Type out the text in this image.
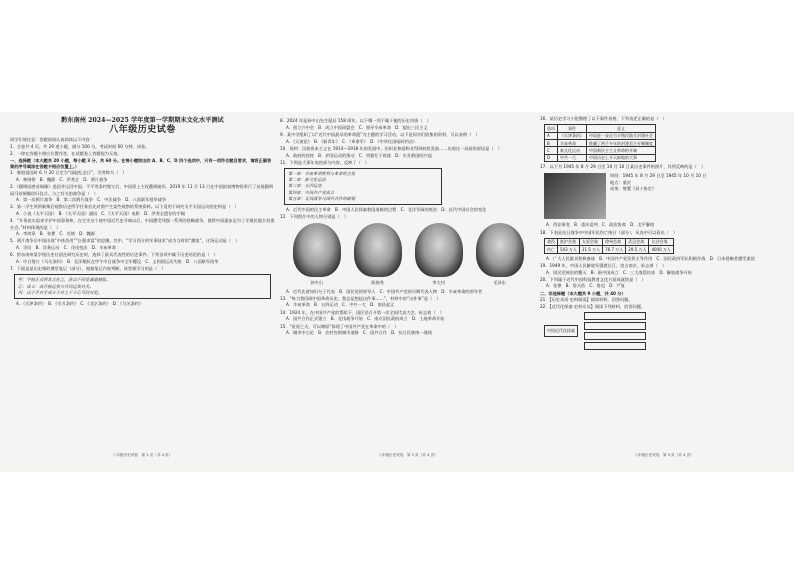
黔东南州 2024—2025 学年度第一学期期末文化水平测试
八年级历史试卷
同学们请注意：答题前请认真阅读以下内容：
1．全卷共 4 页，共 29 道小题，满分 100 分，考试时间 60 分钟，闭卷。
2．一律在答题卡相应位置作答，在试题卷上答题视为无效。
一、选择题（本大题共 20 小题，每小题 3 分，共 60 分。在每小题给出的 A、B、C、D 四个选项中，只有一项符合题目要求，请将正确答案的序号填涂在答题卡相应位置上。）
1．歌唱祖国时 6 月 20 日定为“国耻纪念日”，学者称为（　）
A．林则徐　B．魏源　C．洪秀全　D．鸦片战争
2．《圆明园兽首铜像》追回并运回中国。不平等条约签订后，中国领土主权遭到破坏。2019 年 11 月 13 日在中国国家博物馆举行了首展圆明园马首铜像回归仪式，与之有关的战争是（　）
A．第一次鸦片战争　B．第二次鸦片战争　C．中法战争　D．八国联军侵华战争
3．第一学生领到新课后观察历史所学任务首先对照产生某些观察的系统资料。以下适用于研究太平天国运动的史料是（　）
A．小说《太平天国》　B．《太平天国》通讯　C．《太平天国》电影　D．洪秀全遗存的手稿
4．“升务忠实起来守护中国事务和，在它守这个使中国近代史开端以后，中国遭受列强一系列的侵略战争，使得中国逐步沦为了半殖民地半封建社会。”材料体现的是（　）
A．李鸿章　B．张謇　C．光绪　D．魏源
5．鸦片战争后中国出现“中体西用”“自强求富”的思潮。其中，“学习西方的军事技术”成为当时的“潮流”，这场运动是（　）
A．学问　B．洋务运动　C．戊戌变法　D．辛亥革命
6．黔东南州某学校历史社团在研究历史时，选择了最具代表性的历史事件。下列各项中属于历史结论的是（　）
A．中日签订《马关条约》　B．北洋舰队在甲午中日战争中全军覆没　C．义和团运动失败　D．八国联军侵华
7．下面是某历史课的课堂笔记（部分），根据笔记内容判断，该堂课学习的是（　）
甲：学校正式得其文化之，此以于同是诚道被派。
乙：成立：成开校运我方开同运我对关。
丙：以于手对手成立于对之于于乙可同对是。
A．《天津条约》　B．《辛丑条约》　C．《北京条约》　D．《马关条约》
八年级历史试卷　第 1 页（共 4 页）
8．2024 年是孙中山先生诞辰 158 周年。以下哪一项不属于他的历史功绩（　）
A．创立兴中会　B．成立中国同盟会　C．领导辛亥革命　D．提出三民主义
9．某中学组织了以“近代中国最早的革命派”为主题的学习活动，以下是同学们收集的资料，可以表明（　）
A．《天演论》　B．《新青年》　C．《革命军》　D．《中华民国临时约法》
10．资料：民族资本主义在 1914—1918 年的发展中，纺织业和面粉业得到较快发展……出现这一局面的原因是（　）
A．政府的扶持　B．护国运动的推动　C．列强忙于欧战　D．实业救国的兴起
11．下图是大事年表的部分内容，反映了（　）
第一章：辛亥革命胜利与革命的主张
第二章：新文化运动
第三章：五四运动
第四章：中国共产党成立
第五章：北伐战争与国共合作的破裂
A．近代中国的民主革命　B．中国人民探索救国道路的过程　C．北洋军阀的统治　D．近代中国社会的变化
12．下列图片中的人物分别是（　）
孙中山	陈独秀	李大钊	毛泽东
A．近代先进知识分子代表　B．国民党的领导人　C．中国共产党的早期代表人物　D．辛亥革命的领导者
13．“每当我回顾中国革命历史，我总是想起这件事……”，材料中的“这件事”是（　）
A．辛亥革命　B．五四运动　C．中共一大　D．南昌起义
14．1924 年，在中国共产党的帮助下，国民党召开第一次全国代表大会，标志着（　）
A．国共合作正式建立　B．北伐战争开始　C．南京国民政府成立　D．土地革命开始
15．“星星之火，可以燎原”体现了中国共产党在革命中的（　）
A．城市中心论　B．农村包围城市道路　C．国共合作　D．抗日民族统一战线
八年级历史试卷　第 2 页（共 4 页）
16．某历史学习小组整理了以下事件表格，下列表述正确的是（　）
选项	事件	意义
A	《天津条约》	中国进一步沦为半殖民地半封建社会
B	辛亥革命	推翻了两千多年的封建君主专制制度
C	新文化运动	中国新民主主义革命的开端
D	中共一大	中国历史上开天辟地的大事
17．以下为 1945 年 8 月 29 日至 10 月 10 日某历史事件的照片，其所反映的是（　）
时间：1945 年 8 月 29 日至 1945 年 10 月 10 日
地点：重庆
成果：签署《双十协定》
A．西安事变　B．重庆谈判　C．政治协商　D．北平解放
18．下表是抗日战争中中国军民伤亡统计（部分），从表中可以看出（　）
战役	淞沪会战	太原会战	徐州会战	武汉会战	长沙会战
伤亡	543 万人	31.5 万人	76.7 万人	29.5 万人	4000 万人
A．广大人民群众积极参战　B．中国共产党发挥主导作用　C．国民政府军队积极作战　D．日本侵略者遭受重创
19．1949 年，中国人民解放军强渡长江，攻占南京，标志着（　）
A．国民党统治的覆灭　B．新中国成立　C．三大战役结束　D．解放战争开始
20．下列属于近代中国科技教育文化方面成就的是（　）
A．张謇　B．詹天佑　C．鲁迅　D．严复
二、非选择题（本大题共 9 小题，共 40 分）
21．【历史术语·史料阅读】阅读材料，回答问题。
22．【近代化探索·史料实证】阅读下列材料，回答问题。
中国近代化探索
八年级历史试卷　第 3 页（共 4 页）
